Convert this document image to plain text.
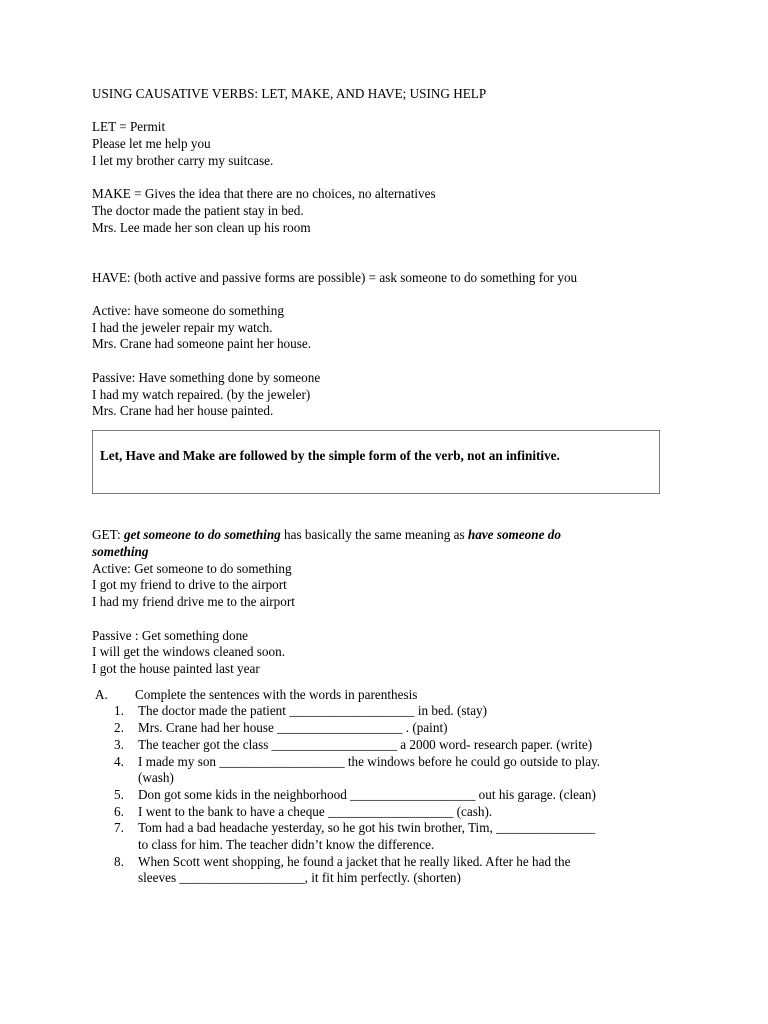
USING CAUSATIVE VERBS: LET, MAKE, AND HAVE; USING HELP
LET = Permit
Please let me help you
I let my brother carry my suitcase.
MAKE = Gives the idea that there are no choices, no alternatives
The doctor made the patient stay in bed.
Mrs. Lee made her son clean up his room
HAVE: (both active and passive forms are possible) = ask someone to do something for you
Active: have someone do something
I had the jeweler repair my watch.
Mrs. Crane had someone paint her house.
Passive: Have something done by someone
I had my watch repaired. (by the jeweler)
Mrs. Crane had her house painted.
Let, Have and Make are followed by the simple form of the verb, not an infinitive.
GET: get someone to do something has basically the same meaning as have someone do
something
Active: Get someone to do something
I got my friend to drive to the airport
I had my friend drive me to the airport
Passive : Get something done
I will get the windows cleaned soon.
I got the house painted last year
A. Complete the sentences with the words in parenthesis
1. The doctor made the patient ___________________ in bed. (stay)
2. Mrs. Crane had her house ___________________ . (paint)
3. The teacher got the class ___________________ a 2000 word- research paper. (write)
4. I made my son ___________________ the windows before he could go outside to play.
(wash)
5. Don got some kids in the neighborhood ___________________ out his garage. (clean)
6. I went to the bank to have a cheque ___________________ (cash).
7. Tom had a bad headache yesterday, so he got his twin brother, Tim, _______________
to class for him. The teacher didn’t know the difference.
8. When Scott went shopping, he found a jacket that he really liked. After he had the
sleeves ___________________, it fit him perfectly. (shorten)
